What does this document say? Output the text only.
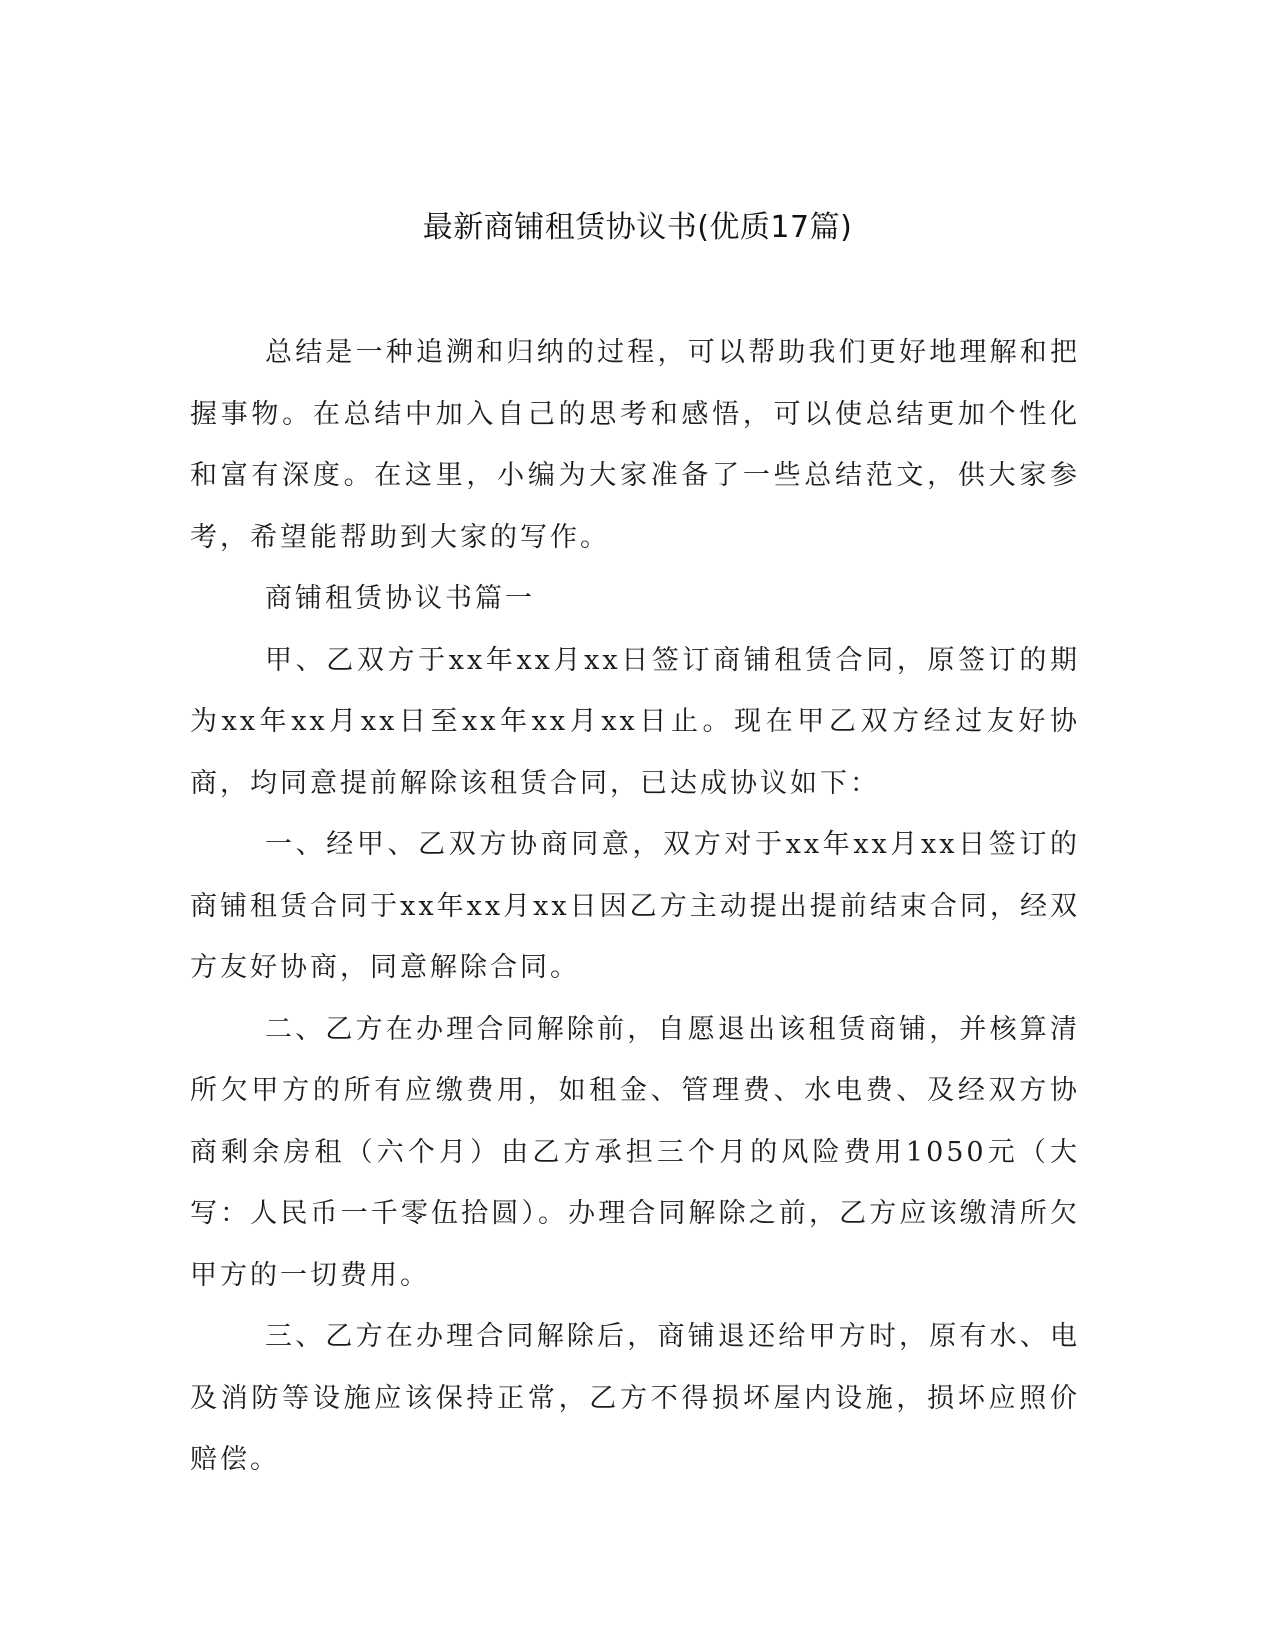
最新商铺租赁协议书(优质17篇)

总结是一种追溯和归纳的过程，可以帮助我们更好地理解和把握事物。在总结中加入自己的思考和感悟，可以使总结更加个性化和富有深度。在这里，小编为大家准备了一些总结范文，供大家参考，希望能帮助到大家的写作。

商铺租赁协议书篇一

甲、乙双方于xx年xx月xx日签订商铺租赁合同，原签订的期为xx年xx月xx日至xx年xx月xx日止。现在甲乙双方经过友好协商，均同意提前解除该租赁合同，已达成协议如下：

一、经甲、乙双方协商同意，双方对于xx年xx月xx日签订的商铺租赁合同于xx年xx月xx日因乙方主动提出提前结束合同，经双方友好协商，同意解除合同。

二、乙方在办理合同解除前，自愿退出该租赁商铺，并核算清所欠甲方的所有应缴费用，如租金、管理费、水电费、及经双方协商剩余房租（六个月）由乙方承担三个月的风险费用1050元（大写：人民币一千零伍拾圆）。办理合同解除之前，乙方应该缴清所欠甲方的一切费用。

三、乙方在办理合同解除后，商铺退还给甲方时，原有水、电及消防等设施应该保持正常，乙方不得损坏屋内设施，损坏应照价赔偿。
